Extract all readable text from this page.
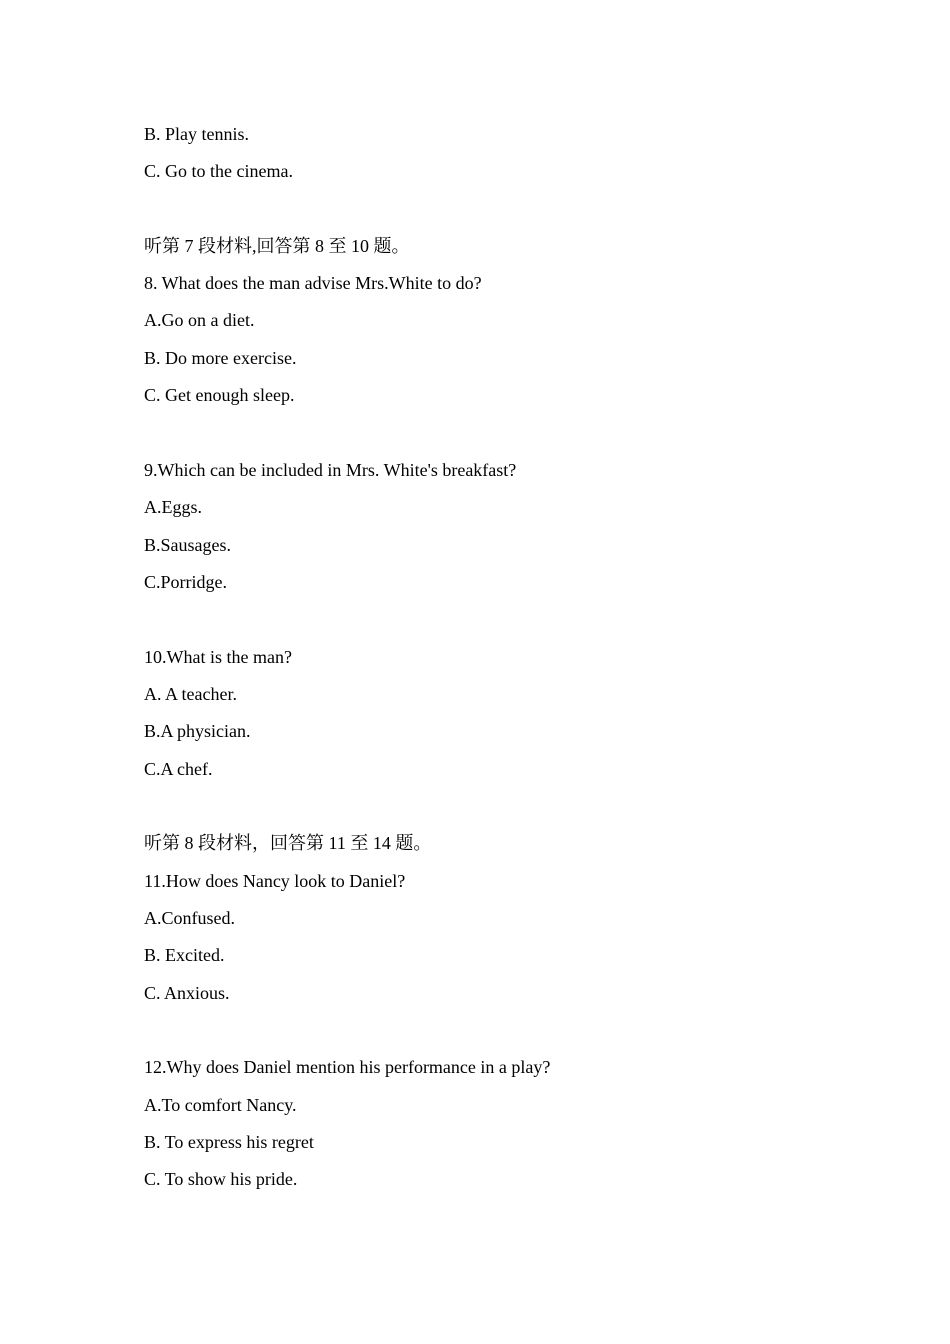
B. Play tennis.
C. Go to the cinema.
听第 7 段材料,回答第 8 至 10 题。
8. What does the man advise Mrs.White to do?
A.Go on a diet.
B. Do more exercise.
C. Get enough sleep.
9.Which can be included in Mrs. White's breakfast?
A.Eggs.
B.Sausages.
C.Porridge.
10.What is the man?
A. A teacher.
B.A physician.
C.A chef.
听第 8 段材料，回答第 11 至 14 题。
11.How does Nancy look to Daniel?
A.Confused.
B. Excited.
C. Anxious.
12.Why does Daniel mention his performance in a play?
A.To comfort Nancy.
B. To express his regret
C. To show his pride.
